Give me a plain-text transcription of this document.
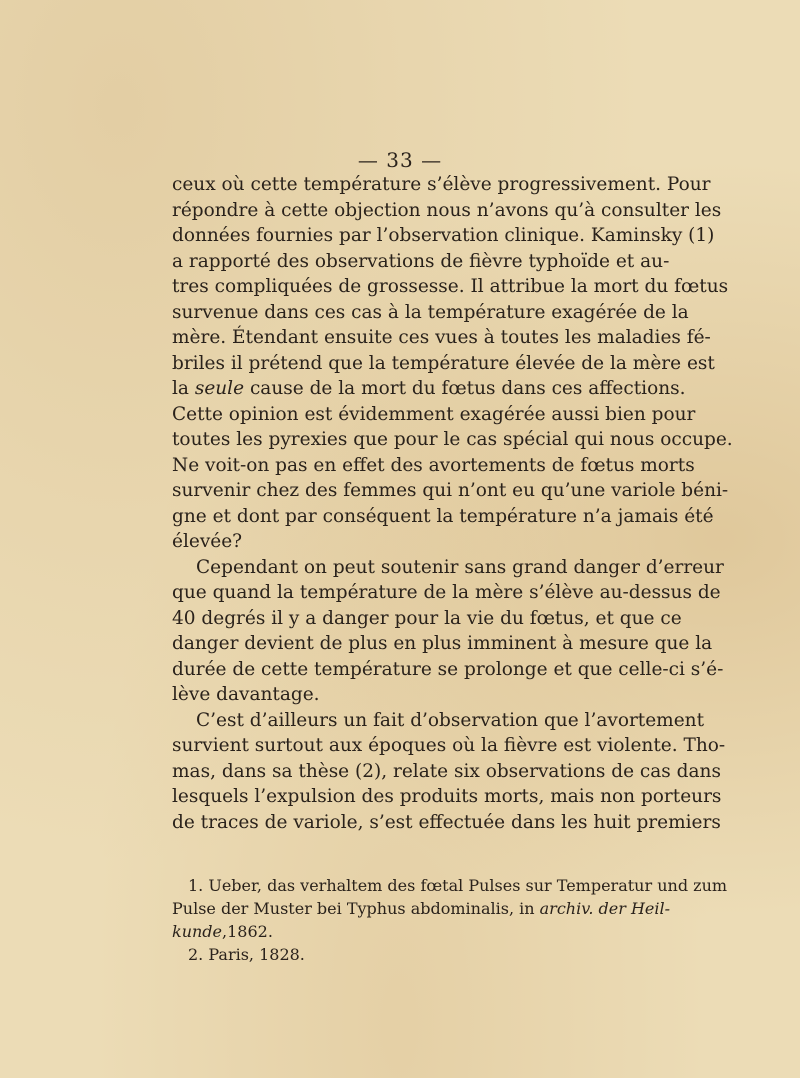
— 33 —
ceux où cette température s’élève progressivement. Pour
répondre à cette objection nous n’avons qu’à consulter les
données fournies par l’observation clinique. Kaminsky (1)
a rapporté des observations de fièvre typhoïde et au-
tres compliquées de grossesse. Il attribue la mort du fœtus
survenue dans ces cas à la température exagérée de la
mère. Étendant ensuite ces vues à toutes les maladies fé-
briles il prétend que la température élevée de la mère est
la seule cause de la mort du fœtus dans ces affections.
Cette opinion est évidemment exagérée aussi bien pour
toutes les pyrexies que pour le cas spécial qui nous occupe.
Ne voit-on pas en effet des avortements de fœtus morts
survenir chez des femmes qui n’ont eu qu’une variole béni-
gne et dont par conséquent la température n’a jamais été
élevée?
Cependant on peut soutenir sans grand danger d’erreur
que quand la température de la mère s’élève au-dessus de
40 degrés il y a danger pour la vie du fœtus, et que ce
danger devient de plus en plus imminent à mesure que la
durée de cette température se prolonge et que celle-ci s’é-
lève davantage.
C’est d’ailleurs un fait d’observation que l’avortement
survient surtout aux époques où la fièvre est violente. Tho-
mas, dans sa thèse (2), relate six observations de cas dans
lesquels l’expulsion des produits morts, mais non porteurs
de traces de variole, s’est effectuée dans les huit premiers
1. Ueber, das verhaltem des fœtal Pulses sur Temperatur und zum
Pulse der Muster bei Typhus abdominalis, in archiv. der Heil-
kunde,1862.
2. Paris, 1828.
